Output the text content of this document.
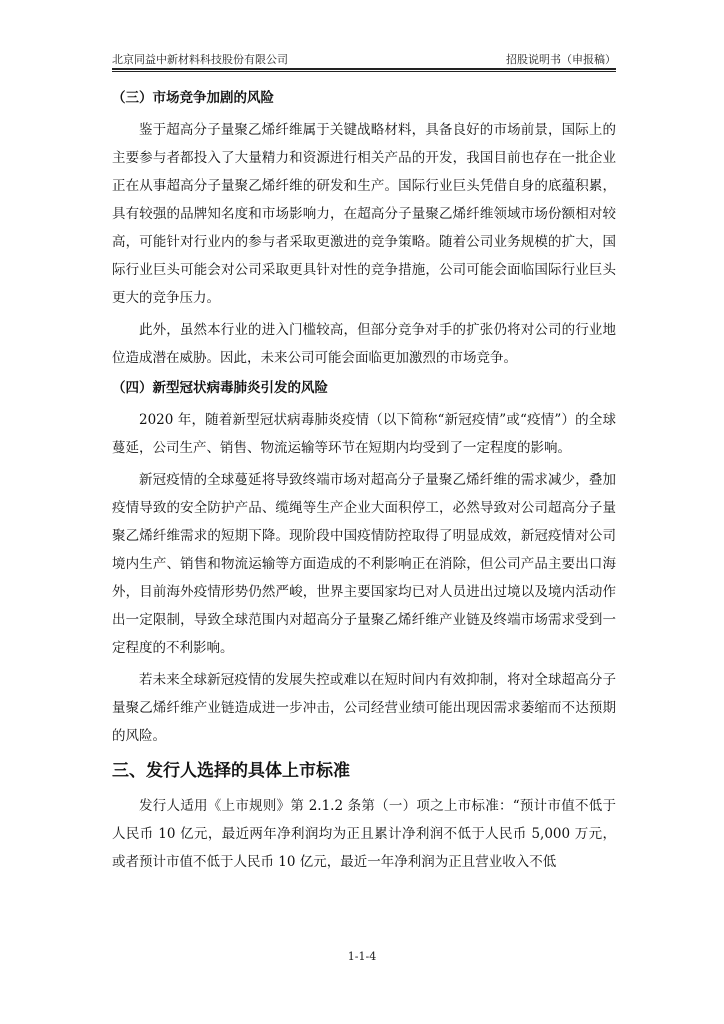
北京同益中新材料科技股份有限公司	招股说明书（申报稿）
（三）市场竞争加剧的风险

鉴于超高分子量聚乙烯纤维属于关键战略材料，具备良好的市场前景，国际上的主要参与者都投入了大量精力和资源进行相关产品的开发，我国目前也存在一批企业正在从事超高分子量聚乙烯纤维的研发和生产。国际行业巨头凭借自身的底蕴积累，具有较强的品牌知名度和市场影响力，在超高分子量聚乙烯纤维领域市场份额相对较高，可能针对行业内的参与者采取更激进的竞争策略。随着公司业务规模的扩大，国际行业巨头可能会对公司采取更具针对性的竞争措施，公司可能会面临国际行业巨头更大的竞争压力。

此外，虽然本行业的进入门槛较高，但部分竞争对手的扩张仍将对公司的行业地位造成潜在威胁。因此，未来公司可能会面临更加激烈的市场竞争。

（四）新型冠状病毒肺炎引发的风险

2020 年，随着新型冠状病毒肺炎疫情（以下简称“新冠疫情”或“疫情”）的全球蔓延，公司生产、销售、物流运输等环节在短期内均受到了一定程度的影响。

新冠疫情的全球蔓延将导致终端市场对超高分子量聚乙烯纤维的需求减少，叠加疫情导致的安全防护产品、缆绳等生产企业大面积停工，必然导致对公司超高分子量聚乙烯纤维需求的短期下降。现阶段中国疫情防控取得了明显成效，新冠疫情对公司境内生产、销售和物流运输等方面造成的不利影响正在消除，但公司产品主要出口海外，目前海外疫情形势仍然严峻，世界主要国家均已对人员进出过境以及境内活动作出一定限制，导致全球范围内对超高分子量聚乙烯纤维产业链及终端市场需求受到一定程度的不利影响。

若未来全球新冠疫情的发展失控或难以在短时间内有效抑制，将对全球超高分子量聚乙烯纤维产业链造成进一步冲击，公司经营业绩可能出现因需求萎缩而不达预期的风险。

三、发行人选择的具体上市标准

发行人适用《上市规则》第 2.1.2 条第（一）项之上市标准：“预计市值不低于人民币 10 亿元，最近两年净利润均为正且累计净利润不低于人民币 5,000 万元，或者预计市值不低于人民币 10 亿元，最近一年净利润为正且营业收入不低

1-1-4
